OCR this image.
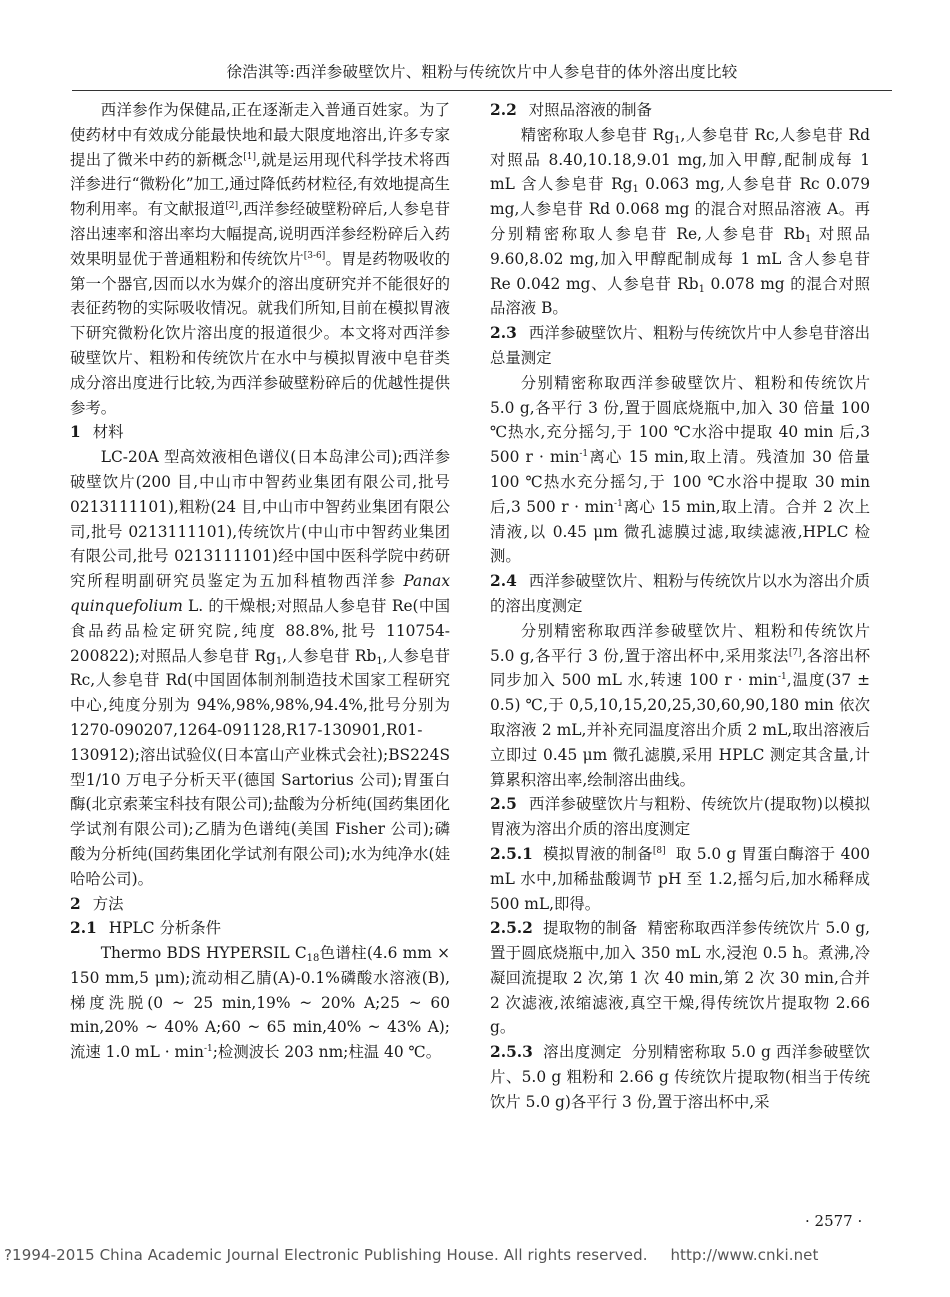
徐浩淇等:西洋参破壁饮片、粗粉与传统饮片中人参皂苷的体外溶出度比较

西洋参作为保健品,正在逐渐走入普通百姓家。为了使药材中有效成分能最快地和最大限度地溶出,许多专家提出了微米中药的新概念[1],就是运用现代科学技术将西洋参进行“微粉化”加工,通过降低药材粒径,有效地提高生物利用率。有文献报道[2],西洋参经破壁粉碎后,人参皂苷溶出速率和溶出率均大幅提高,说明西洋参经粉碎后入药效果明显优于普通粗粉和传统饮片[3-6]。胃是药物吸收的第一个器官,因而以水为媒介的溶出度研究并不能很好的表征药物的实际吸收情况。就我们所知,目前在模拟胃液下研究微粉化饮片溶出度的报道很少。本文将对西洋参破壁饮片、粗粉和传统饮片在水中与模拟胃液中皂苷类成分溶出度进行比较,为西洋参破壁粉碎后的优越性提供参考。

1 材料

LC-20A 型高效液相色谱仪(日本岛津公司);西洋参破壁饮片(200 目,中山市中智药业集团有限公司,批号 0213111101),粗粉(24 目,中山市中智药业集团有限公司,批号 0213111101),传统饮片(中山市中智药业集团有限公司,批号 0213111101)经中国中医科学院中药研究所程明副研究员鉴定为五加科植物西洋参 Panax quinquefolium L. 的干燥根;对照品人参皂苷 Re(中国食品药品检定研究院,纯度 88.8%,批号 110754-200822);对照品人参皂苷 $Rg_1$,人参皂苷 $Rb_1$,人参皂苷 Rc,人参皂苷 Rd(中国固体制剂制造技术国家工程研究中心,纯度分别为 94%,98%,98%,94.4%,批号分别为 1270-090207,1264-091128,R17-130901,R01-130912);溶出试验仪(日本富山产业株式会社);BS224S 型1/10 万电子分析天平(德国 Sartorius 公司);胃蛋白酶(北京索莱宝科技有限公司);盐酸为分析纯(国药集团化学试剂有限公司);乙腈为色谱纯(美国 Fisher 公司);磷酸为分析纯(国药集团化学试剂有限公司);水为纯净水(娃哈哈公司)。

2 方法

2.1 HPLC 分析条件

Thermo BDS HYPERSIL $C_{18}$色谱柱(4.6 mm × 150 mm,5 μm);流动相乙腈(A)-0.1%磷酸水溶液(B),梯度洗脱(0 ~ 25 min,19% ~ 20% A;25 ~ 60 min,20% ~ 40% A;60 ~ 65 min,40% ~ 43% A);流速 1.0 mL · $\min^{-1}$;检测波长 203 nm;柱温 40 ℃。

2.2 对照品溶液的制备

精密称取人参皂苷 $Rg_1$,人参皂苷 Rc,人参皂苷 Rd 对照品 8.40,10.18,9.01 mg,加入甲醇,配制成每 1 mL 含人参皂苷 $Rg_1$ 0.063 mg,人参皂苷 Rc 0.079 mg,人参皂苷 Rd 0.068 mg 的混合对照品溶液 A。再分别精密称取人参皂苷 Re,人参皂苷 $Rb_1$ 对照品 9.60,8.02 mg,加入甲醇配制成每 1 mL 含人参皂苷 Re 0.042 mg、人参皂苷 $Rb_1$ 0.078 mg 的混合对照品溶液 B。

2.3 西洋参破壁饮片、粗粉与传统饮片中人参皂苷溶出总量测定

分别精密称取西洋参破壁饮片、粗粉和传统饮片 5.0 g,各平行 3 份,置于圆底烧瓶中,加入 30 倍量 100 ℃热水,充分摇匀,于 100 ℃水浴中提取 40 min 后,3 500 $r \cdot \min^{-1}$离心 15 min,取上清。残渣加 30 倍量 100 ℃热水充分摇匀,于 100 ℃水浴中提取 30 min 后,3 500 $r \cdot \min^{-1}$离心 15 min,取上清。合并 2 次上清液,以 0.45 μm 微孔滤膜过滤,取续滤液,HPLC 检测。

2.4 西洋参破壁饮片、粗粉与传统饮片以水为溶出介质的溶出度测定

分别精密称取西洋参破壁饮片、粗粉和传统饮片 5.0 g,各平行 3 份,置于溶出杯中,采用浆法[7],各溶出杯同步加入 500 mL 水,转速 100 $r \cdot \min^{-1}$,温度(37 ± 0.5) ℃,于 0,5,10,15,20,25,30,60,90,180 min 依次取溶液 2 mL,并补充同温度溶出介质 2 mL,取出溶液后立即过 0.45 μm 微孔滤膜,采用 HPLC 测定其含量,计算累积溶出率,绘制溶出曲线。

2.5 西洋参破壁饮片与粗粉、传统饮片(提取物)以模拟胃液为溶出介质的溶出度测定

2.5.1 模拟胃液的制备[8] 取 5.0 g 胃蛋白酶溶于 400 mL 水中,加稀盐酸调节 pH 至 1.2,摇匀后,加水稀释成 500 mL,即得。

2.5.2 提取物的制备 精密称取西洋参传统饮片 5.0 g,置于圆底烧瓶中,加入 350 mL 水,浸泡 0.5 h。煮沸,冷凝回流提取 2 次,第 1 次 40 min,第 2 次 30 min,合并 2 次滤液,浓缩滤液,真空干燥,得传统饮片提取物 2.66 g。

2.5.3 溶出度测定 分别精密称取 5.0 g 西洋参破壁饮片、5.0 g 粗粉和 2.66 g 传统饮片提取物(相当于传统饮片 5.0 g)各平行 3 份,置于溶出杯中,采

· 2577 ·
?1994-2015 China Academic Journal Electronic Publishing House. All rights reserved. http://www.cnki.net
